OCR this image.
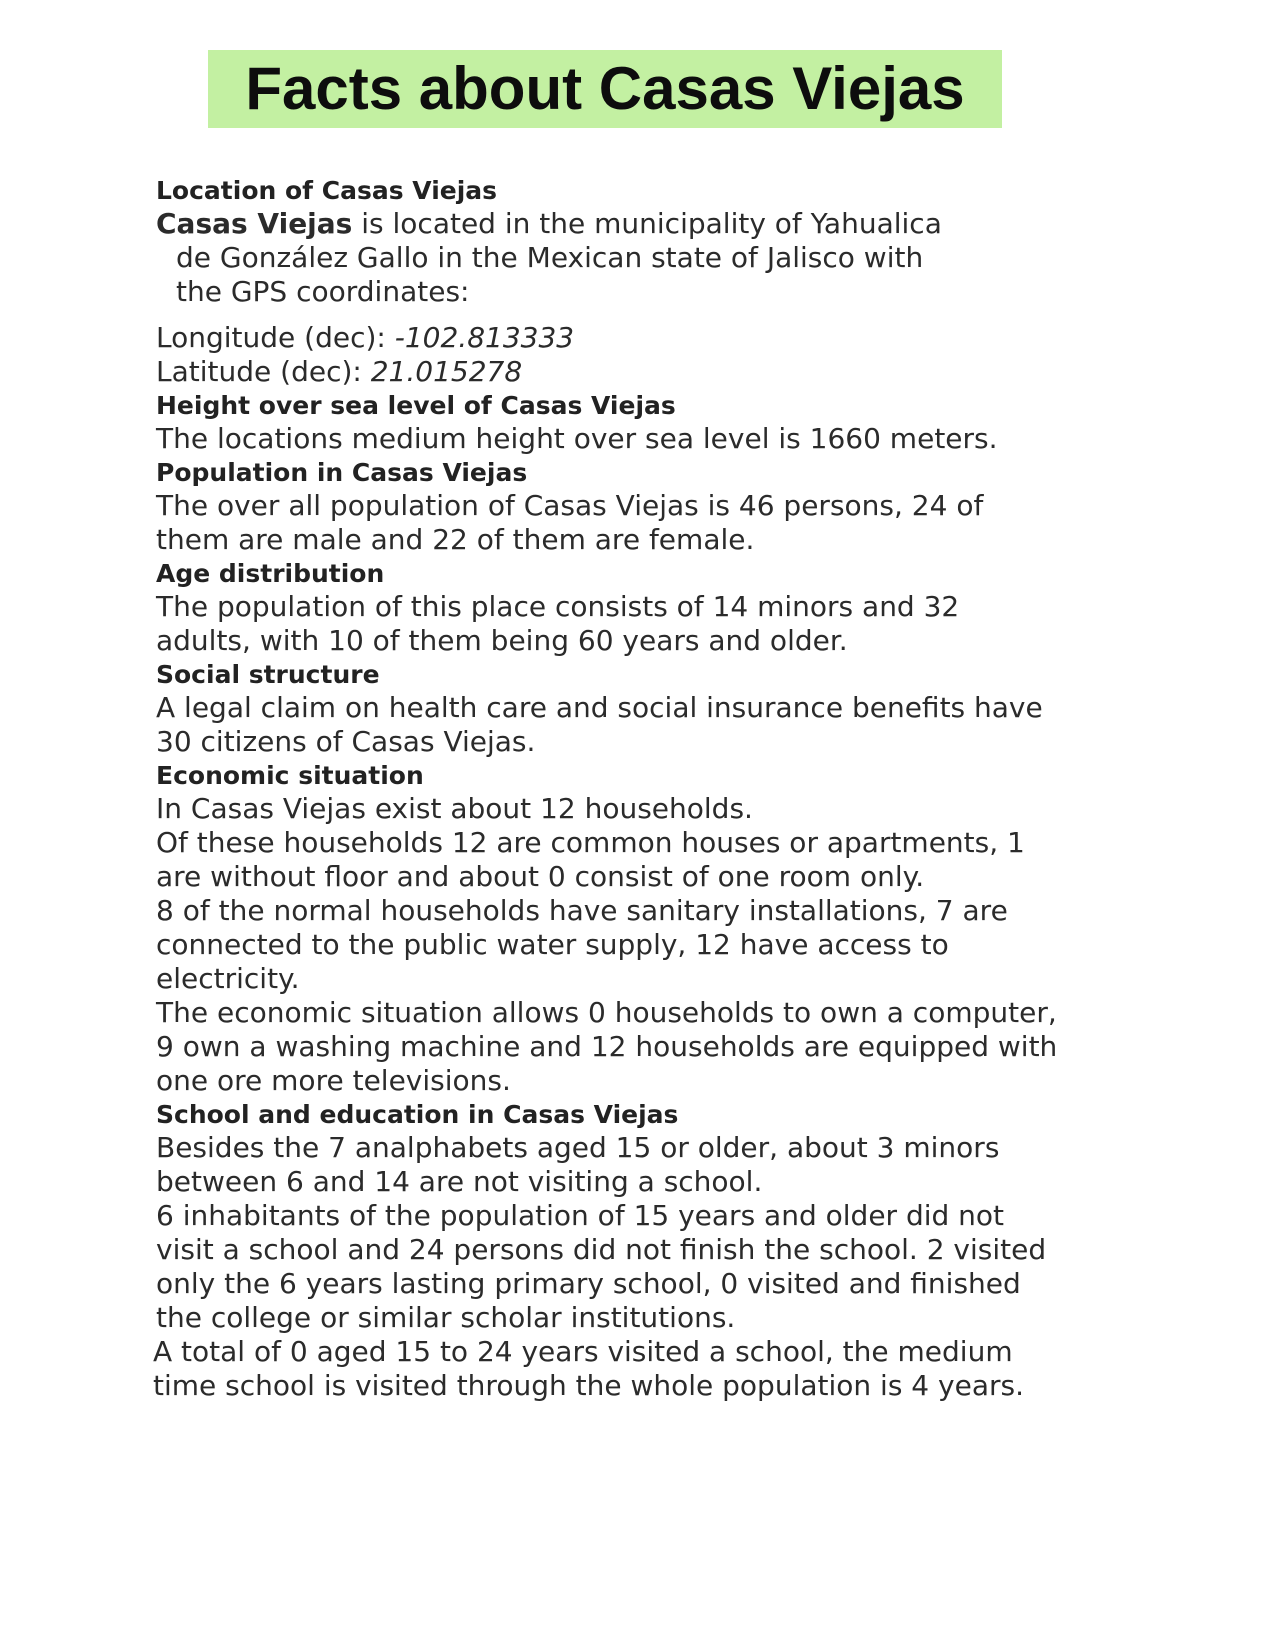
Facts about Casas Viejas
Location of Casas Viejas
Casas Viejas is located in the municipality of Yahualica
de González Gallo in the Mexican state of Jalisco with
the GPS coordinates:
Longitude (dec): -102.813333
Latitude (dec): 21.015278
Height over sea level of Casas Viejas
The locations medium height over sea level is 1660 meters.
Population in Casas Viejas
The over all population of Casas Viejas is 46 persons, 24 of
them are male and 22 of them are female.
Age distribution
The population of this place consists of 14 minors and 32
adults, with 10 of them being 60 years and older.
Social structure
A legal claim on health care and social insurance benefits have
30 citizens of Casas Viejas.
Economic situation
In Casas Viejas exist about 12 households.
Of these households 12 are common houses or apartments, 1
are without floor and about 0 consist of one room only.
8 of the normal households have sanitary installations, 7 are
connected to the public water supply, 12 have access to
electricity.
The economic situation allows 0 households to own a computer,
9 own a washing machine and 12 households are equipped with
one ore more televisions.
School and education in Casas Viejas
Besides the 7 analphabets aged 15 or older, about 3 minors
between 6 and 14 are not visiting a school.
6 inhabitants of the population of 15 years and older did not
visit a school and 24 persons did not finish the school. 2 visited
only the 6 years lasting primary school, 0 visited and finished
the college or similar scholar institutions.
A total of 0 aged 15 to 24 years visited a school, the medium
time school is visited through the whole population is 4 years.
